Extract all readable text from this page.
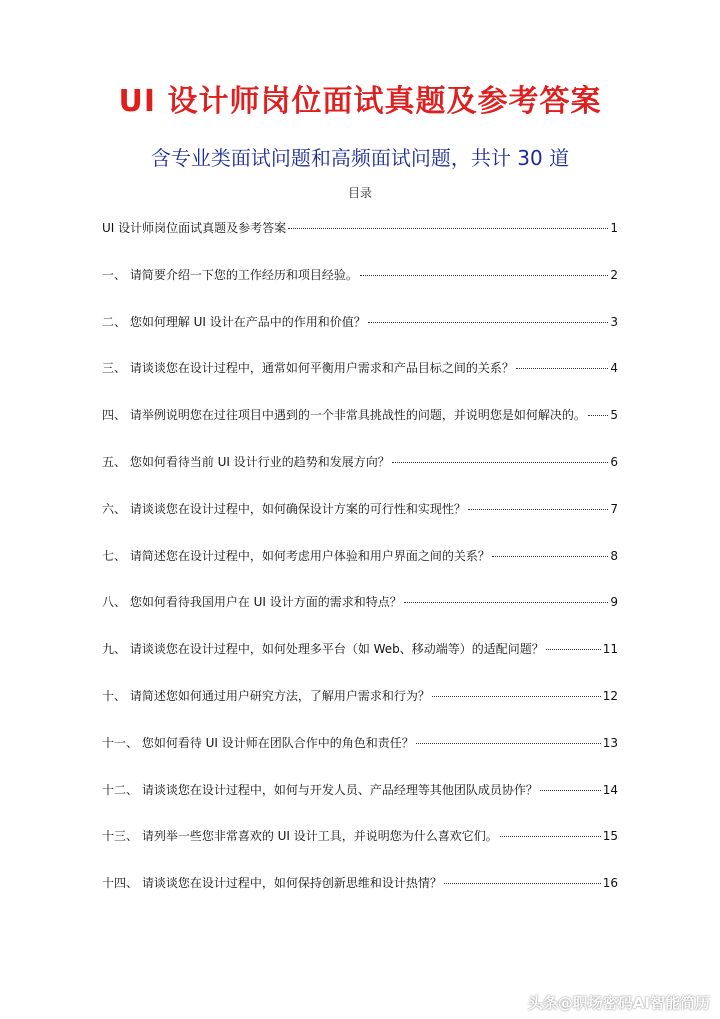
UI 设计师岗位面试真题及参考答案
含专业类面试问题和高频面试问题，共计 30 道
目录
UI 设计师岗位面试真题及参考答案	1
一、 请简要介绍一下您的工作经历和项目经验。	2
二、 您如何理解 UI 设计在产品中的作用和价值？	3
三、 请谈谈您在设计过程中，通常如何平衡用户需求和产品目标之间的关系？	4
四、 请举例说明您在过往项目中遇到的一个非常具挑战性的问题，并说明您是如何解决的。 5
五、 您如何看待当前 UI 设计行业的趋势和发展方向？	6
六、 请谈谈您在设计过程中，如何确保设计方案的可行性和实现性？	7
七、 请简述您在设计过程中，如何考虑用户体验和用户界面之间的关系？	8
八、 您如何看待我国用户在 UI 设计方面的需求和特点？	9
九、 请谈谈您在设计过程中，如何处理多平台（如 Web、移动端等）的适配问题？	11
十、 请简述您如何通过用户研究方法，了解用户需求和行为？	12
十一、 您如何看待 UI 设计师在团队合作中的角色和责任？	13
十二、 请谈谈您在设计过程中，如何与开发人员、产品经理等其他团队成员协作？	14
十三、 请列举一些您非常喜欢的 UI 设计工具，并说明您为什么喜欢它们。	15
十四、 请谈谈您在设计过程中，如何保持创新思维和设计热情？	16
头条@职场密码AI智能简历
